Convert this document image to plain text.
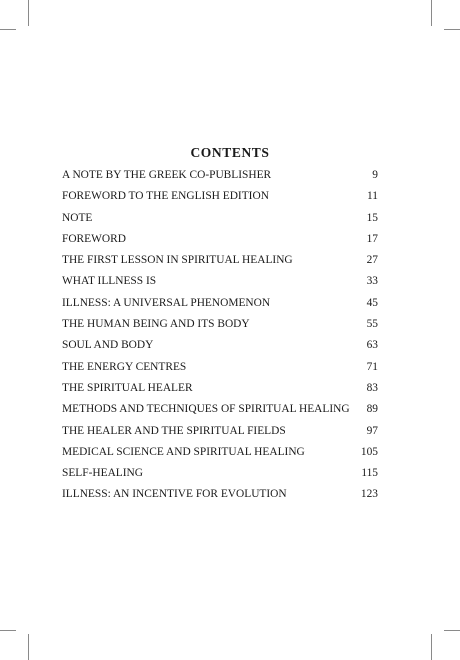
CONTENTS
A NOTE BY THE GREEK CO-PUBLISHER	9
FOREWORD TO THE ENGLISH EDITION	11
NOTE	15
FOREWORD	17
THE FIRST LESSON IN SPIRITUAL HEALING	27
WHAT ILLNESS IS	33
ILLNESS: A UNIVERSAL PHENOMENON	45
THE HUMAN BEING AND ITS BODY	55
SOUL AND BODY	63
THE ENERGY CENTRES	71
THE SPIRITUAL HEALER	83
METHODS AND TECHNIQUES OF SPIRITUAL HEALING	89
THE HEALER AND THE SPIRITUAL FIELDS	97
MEDICAL SCIENCE AND SPIRITUAL HEALING	105
SELF-HEALING	115
ILLNESS: AN INCENTIVE FOR EVOLUTION	123
